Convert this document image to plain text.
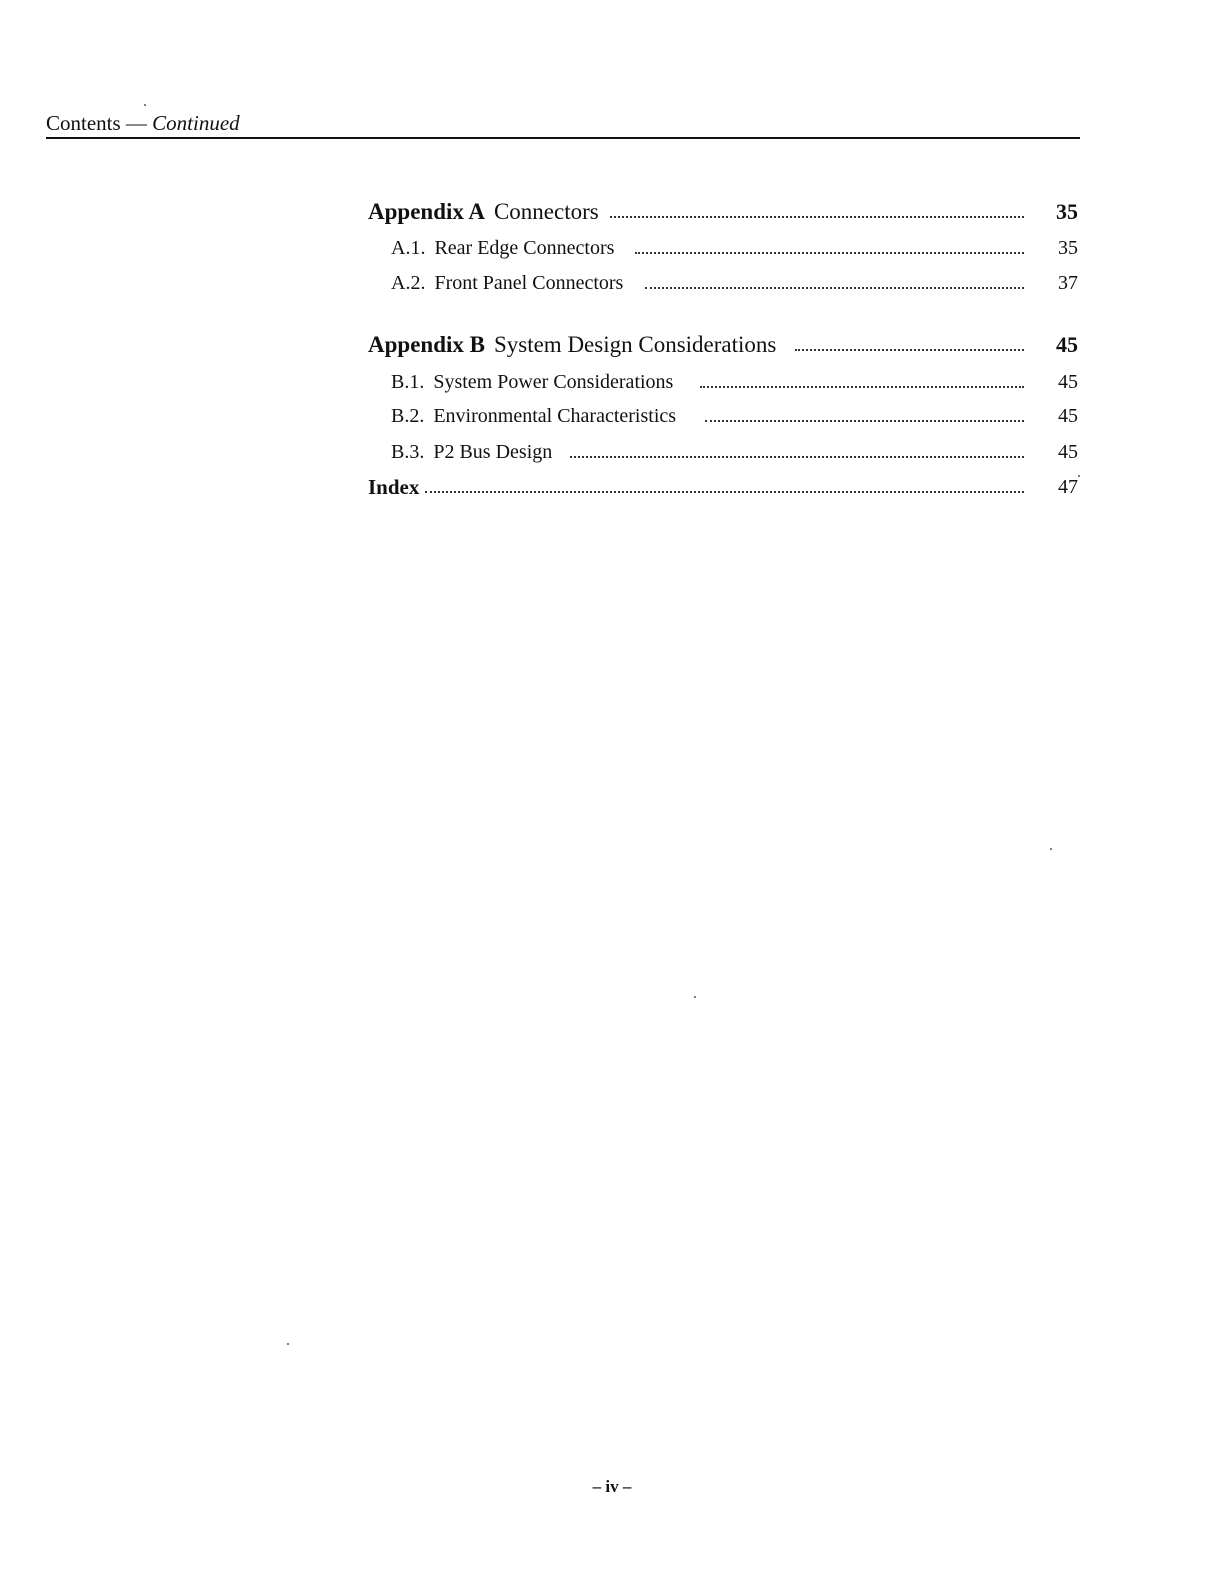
Contents — Continued
Appendix A Connectors	35
A.1. Rear Edge Connectors	35
A.2. Front Panel Connectors	37
Appendix B System Design Considerations	45
B.1. System Power Considerations	45
B.2. Environmental Characteristics	45
B.3. P2 Bus Design	45
Index	47
– iv –
